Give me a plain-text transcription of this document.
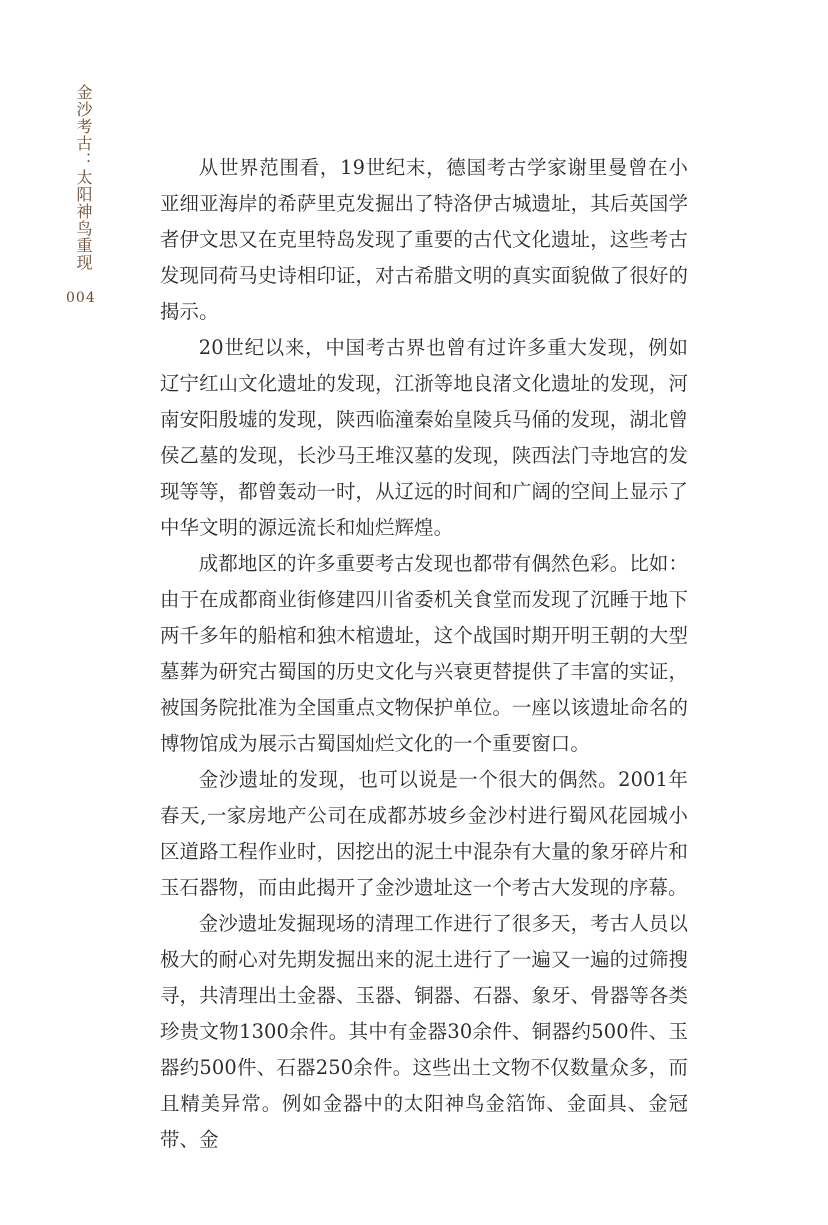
金沙考古：太阳神鸟重现
004

从世界范围看，19世纪末，德国考古学家谢里曼曾在小亚细亚海岸的希萨里克发掘出了特洛伊古城遗址，其后英国学者伊文思又在克里特岛发现了重要的古代文化遗址，这些考古发现同荷马史诗相印证，对古希腊文明的真实面貌做了很好的揭示。

20世纪以来，中国考古界也曾有过许多重大发现，例如辽宁红山文化遗址的发现，江浙等地良渚文化遗址的发现，河南安阳殷墟的发现，陕西临潼秦始皇陵兵马俑的发现，湖北曾侯乙墓的发现，长沙马王堆汉墓的发现，陕西法门寺地宫的发现等等，都曾轰动一时，从辽远的时间和广阔的空间上显示了中华文明的源远流长和灿烂辉煌。

成都地区的许多重要考古发现也都带有偶然色彩。比如：由于在成都商业街修建四川省委机关食堂而发现了沉睡于地下两千多年的船棺和独木棺遗址，这个战国时期开明王朝的大型墓葬为研究古蜀国的历史文化与兴衰更替提供了丰富的实证，被国务院批准为全国重点文物保护单位。一座以该遗址命名的博物馆成为展示古蜀国灿烂文化的一个重要窗口。

金沙遗址的发现，也可以说是一个很大的偶然。2001年春天,一家房地产公司在成都苏坡乡金沙村进行蜀风花园城小区道路工程作业时，因挖出的泥土中混杂有大量的象牙碎片和玉石器物，而由此揭开了金沙遗址这一个考古大发现的序幕。

金沙遗址发掘现场的清理工作进行了很多天，考古人员以极大的耐心对先期发掘出来的泥土进行了一遍又一遍的过筛搜寻，共清理出土金器、玉器、铜器、石器、象牙、骨器等各类珍贵文物1300余件。其中有金器30余件、铜器约500件、玉器约500件、石器250余件。这些出土文物不仅数量众多，而且精美异常。例如金器中的太阳神鸟金箔饰、金面具、金冠带、金
